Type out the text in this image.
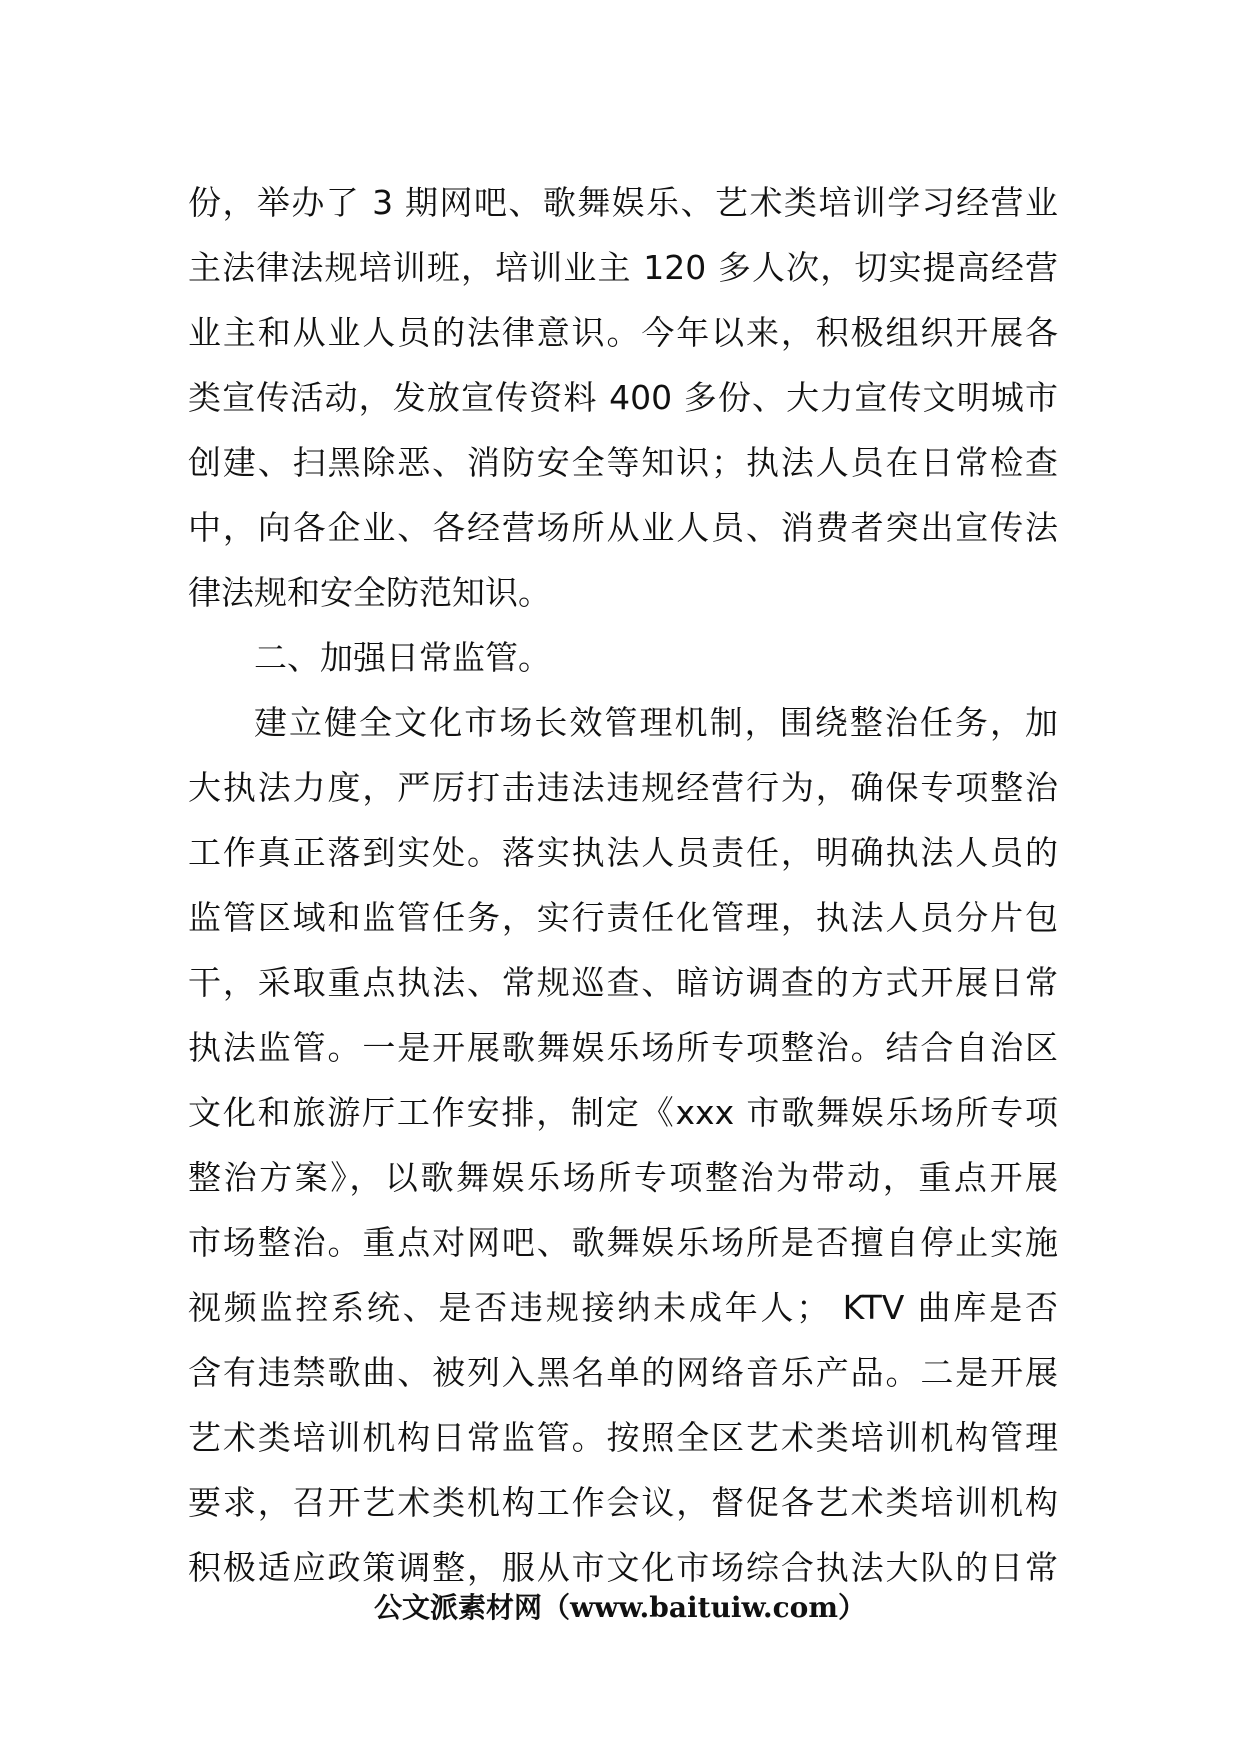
份，举办了 3 期网吧、歌舞娱乐、艺术类培训学习经营业
主法律法规培训班，培训业主 120 多人次，切实提高经营
业主和从业人员的法律意识。今年以来，积极组织开展各
类宣传活动，发放宣传资料 400 多份、大力宣传文明城市
创建、扫黑除恶、消防安全等知识；执法人员在日常检查
中，向各企业、各经营场所从业人员、消费者突出宣传法
律法规和安全防范知识。
二、加强日常监管。
建立健全文化市场长效管理机制，围绕整治任务，加
大执法力度，严厉打击违法违规经营行为，确保专项整治
工作真正落到实处。落实执法人员责任，明确执法人员的
监管区域和监管任务，实行责任化管理，执法人员分片包
干，采取重点执法、常规巡查、暗访调查的方式开展日常
执法监管。一是开展歌舞娱乐场所专项整治。结合自治区
文化和旅游厅工作安排，制定《xxx 市歌舞娱乐场所专项
整治方案》，以歌舞娱乐场所专项整治为带动，重点开展
市场整治。重点对网吧、歌舞娱乐场所是否擅自停止实施
视频监控系统、是否违规接纳未成年人； KTV 曲库是否
含有违禁歌曲、被列入黑名单的网络音乐产品。二是开展
艺术类培训机构日常监管。按照全区艺术类培训机构管理
要求，召开艺术类机构工作会议，督促各艺术类培训机构
积极适应政策调整，服从市文化市场综合执法大队的日常
公文派素材网（www.baituiw.com）
